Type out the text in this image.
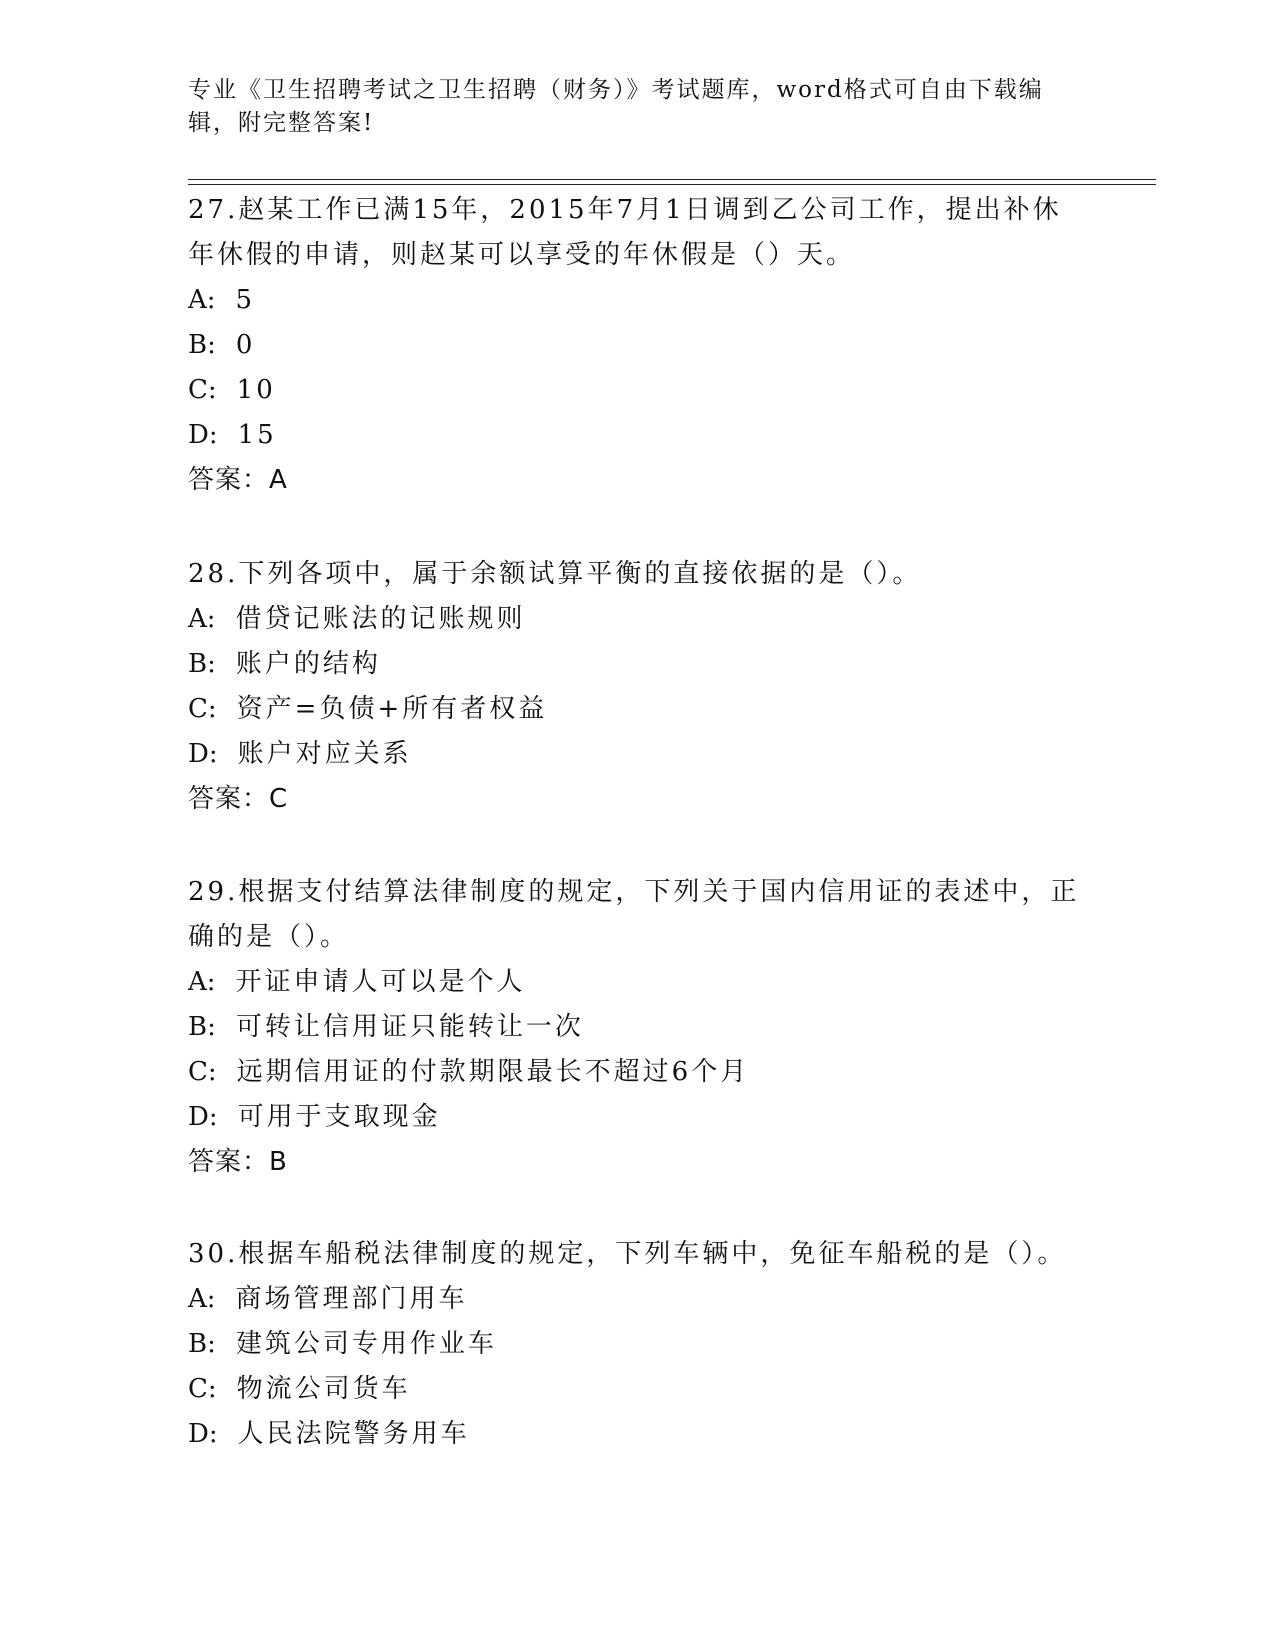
专业《卫生招聘考试之卫生招聘（财务）》考试题库，word格式可自由下载编辑，附完整答案!

27.赵某工作已满15年，2015年7月1日调到乙公司工作，提出补休年休假的申请，则赵某可以享受的年休假是（）天。

A: 5
B: 0
C: 10
D: 15
答案：A

28.下列各项中，属于余额试算平衡的直接依据的是（）。

A: 借贷记账法的记账规则
B: 账户的结构
C: 资产=负债+所有者权益
D: 账户对应关系
答案：C

29.根据支付结算法律制度的规定，下列关于国内信用证的表述中，正确的是（）。

A: 开证申请人可以是个人
B: 可转让信用证只能转让一次
C: 远期信用证的付款期限最长不超过6个月
D: 可用于支取现金
答案：B

30.根据车船税法律制度的规定，下列车辆中，免征车船税的是（）。

A: 商场管理部门用车
B: 建筑公司专用作业车
C: 物流公司货车
D: 人民法院警务用车
